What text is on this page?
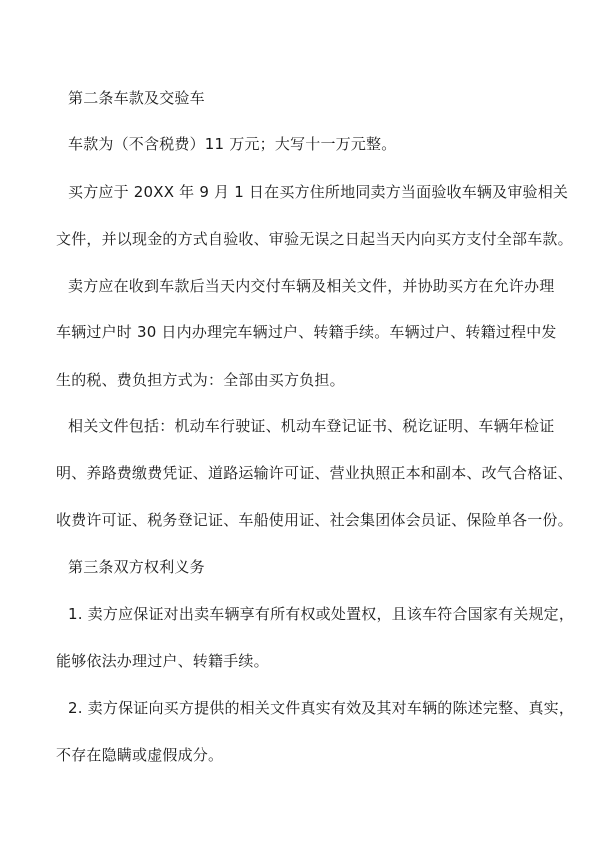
第二条车款及交验车
车款为（不含税费）11 万元；大写十一万元整。
买方应于 20XX 年 9 月 1 日在买方住所地同卖方当面验收车辆及审验相关
文件，并以现金的方式自验收、审验无误之日起当天内向买方支付全部车款。
卖方应在收到车款后当天内交付车辆及相关文件，并协助买方在允许办理
车辆过户时 30 日内办理完车辆过户、转籍手续。车辆过户、转籍过程中发
生的税、费负担方式为：全部由买方负担。
相关文件包括：机动车行驶证、机动车登记证书、税讫证明、车辆年检证
明、养路费缴费凭证、道路运输许可证、营业执照正本和副本、改气合格证、
收费许可证、税务登记证、车船使用证、社会集团体会员证、保险单各一份。
第三条双方权利义务
1. 卖方应保证对出卖车辆享有所有权或处置权，且该车符合国家有关规定，
能够依法办理过户、转籍手续。
2. 卖方保证向买方提供的相关文件真实有效及其对车辆的陈述完整、真实，
不存在隐瞒或虚假成分。
